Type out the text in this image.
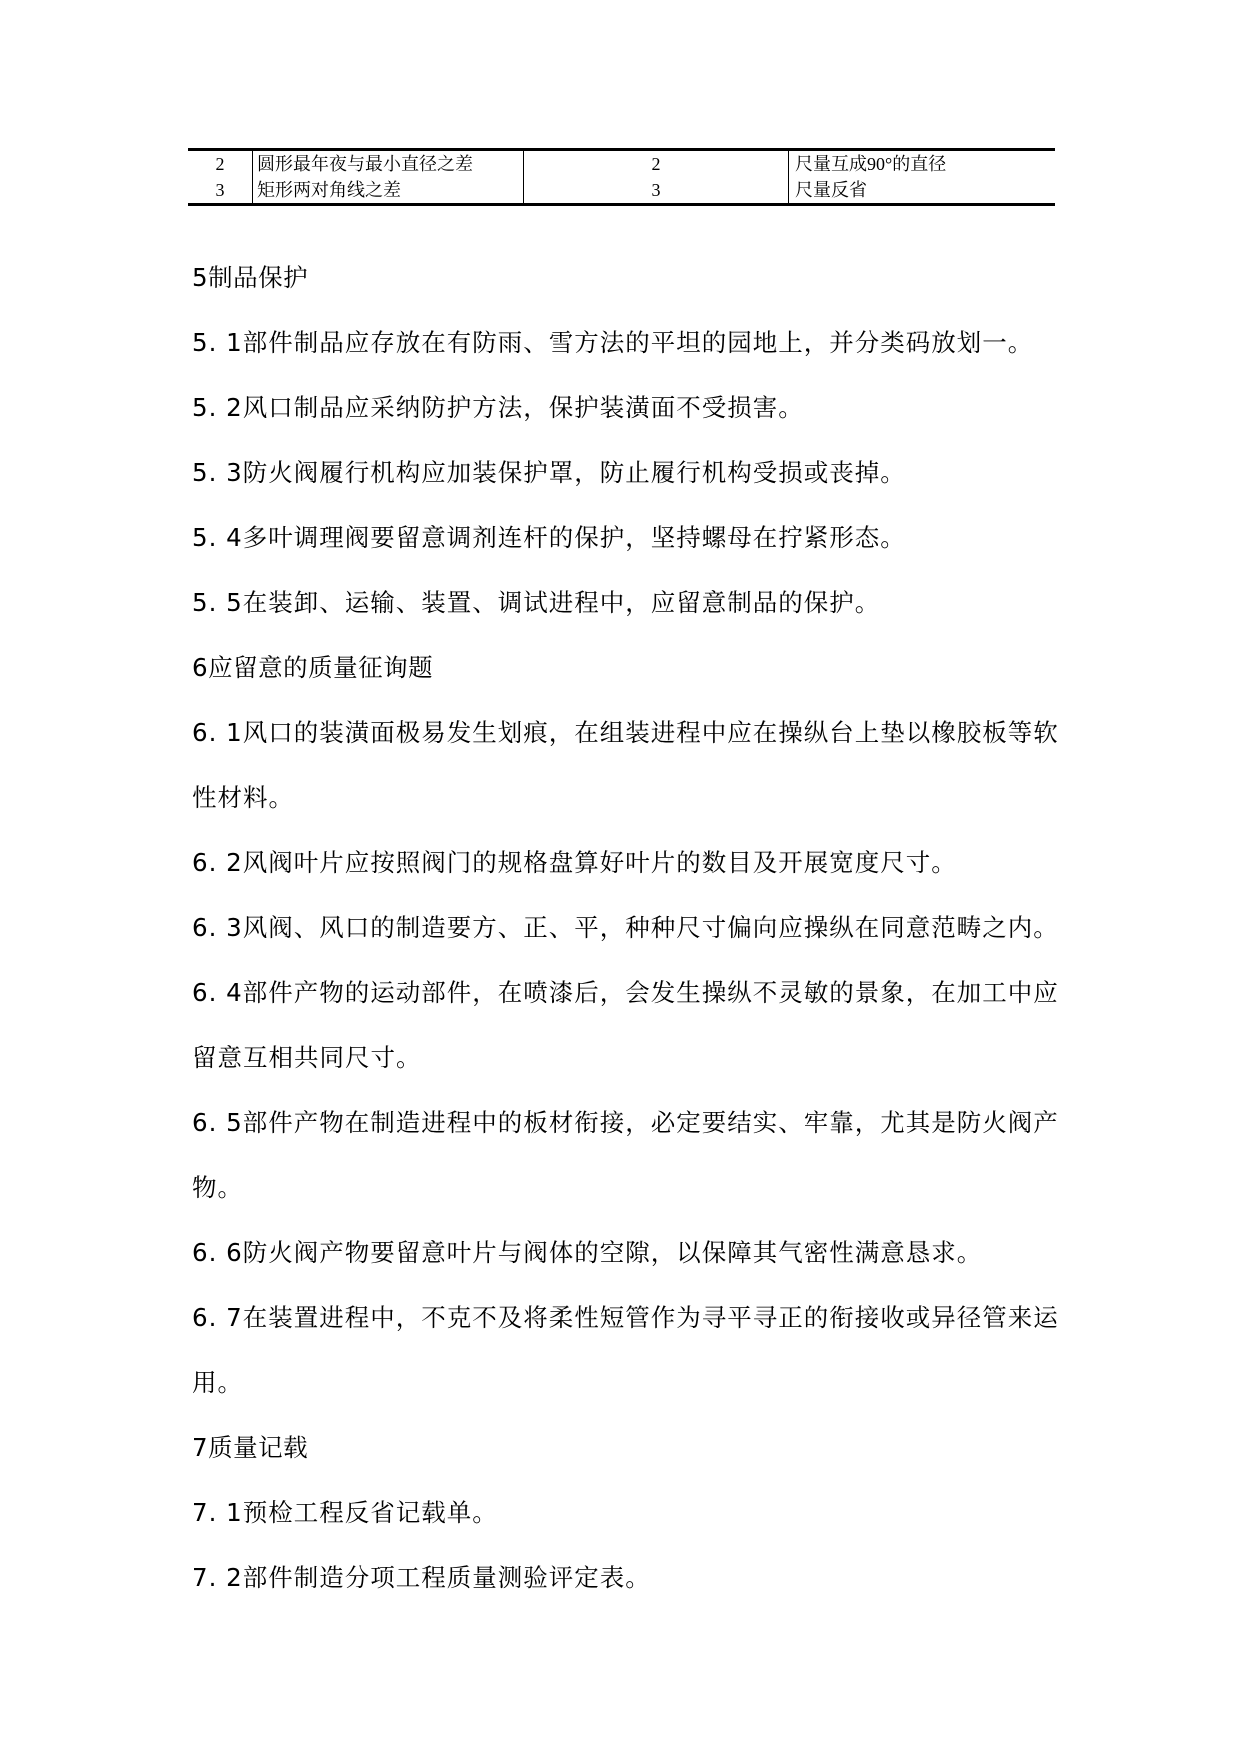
2	圆形最年夜与最小直径之差	2	尺量互成90°的直径
3	矩形两对角线之差	3	尺量反省
5制品保护
5. 1部件制品应存放在有防雨、雪方法的平坦的园地上，并分类码放划一。
5. 2风口制品应采纳防护方法，保护装潢面不受损害。
5. 3防火阀履行机构应加装保护罩，防止履行机构受损或丧掉。
5. 4多叶调理阀要留意调剂连杆的保护，坚持螺母在拧紧形态。
5. 5在装卸、运输、装置、调试进程中，应留意制品的保护。
6应留意的质量征询题
6. 1风口的装潢面极易发生划痕，在组装进程中应在操纵台上垫以橡胶板等软
性材料。
6. 2风阀叶片应按照阀门的规格盘算好叶片的数目及开展宽度尺寸。
6. 3风阀、风口的制造要方、正、平，种种尺寸偏向应操纵在同意范畴之内。
6. 4部件产物的运动部件，在喷漆后，会发生操纵不灵敏的景象，在加工中应
留意互相共同尺寸。
6. 5部件产物在制造进程中的板材衔接，必定要结实、牢靠，尤其是防火阀产
物。
6. 6防火阀产物要留意叶片与阀体的空隙，以保障其气密性满意恳求。
6. 7在装置进程中，不克不及将柔性短管作为寻平寻正的衔接收或异径管来运
用。
7质量记载
7. 1预检工程反省记载单。
7. 2部件制造分项工程质量测验评定表。
